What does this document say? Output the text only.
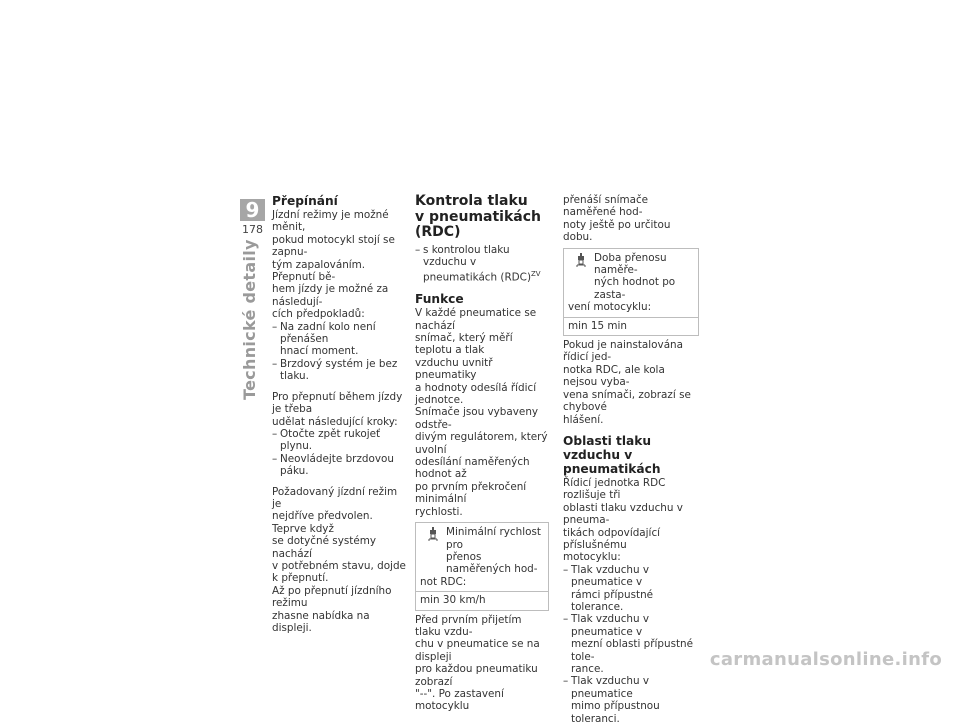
9
178
Technické detaily
Přepínání

Jízdní režimy je možné měnit,

pokud motocykl stojí se zapnu-

tým zapalováním. Přepnutí bě-

hem jízdy je možné za následují-

cích předpokladů:

– Na zadní kolo není přenášen

hnací moment.

– Brzdový systém je bez tlaku.

Pro přepnutí během jízdy je třeba

udělat následující kroky:

– Otočte zpět rukojeť plynu.

– Neovládejte brzdovou páku.

Požadovaný jízdní režim je

nejdříve předvolen. Teprve když

se dotyčné systémy nachází

v potřebném stavu, dojde

k přepnutí.

Až po přepnutí jízdního režimu

zhasne nabídka na displeji.

Kontrola tlaku
v pneumatikách (RDC)
– s kontrolou tlaku vzduchu v

pneumatikách (RDC)$^{ZV}$

Funkce

V každé pneumatice se nachází

snímač, který měří teplotu a tlak

vzduchu uvnitř pneumatiky

a hodnoty odesílá řídicí jednotce.

Snímače jsou vybaveny odstře-

divým regulátorem, který uvolní

odesílání naměřených hodnot až

po prvním překročení minimální

rychlosti.

Minimální rychlost pro

přenos naměřených hod-

not RDC:

min 30 km/h

Před prvním přijetím tlaku vzdu-

chu v pneumatice se na displeji

pro každou pneumatiku zobrazí

"--". Po zastavení motocyklu

přenáší snímače naměřené hod-

noty ještě po určitou dobu.

Doba přenosu naměře-

ných hodnot po zasta-

vení motocyklu:

min 15 min

Pokud je nainstalována řídicí jed-

notka RDC, ale kola nejsou vyba-

vena snímači, zobrazí se chybové

hlášení.

Oblasti tlaku vzduchu v
pneumatikách

Řídicí jednotka RDC rozlišuje tři

oblasti tlaku vzduchu v pneuma-

tikách odpovídající příslušnému

motocyklu:

– Tlak vzduchu v pneumatice v

rámci přípustné tolerance.

– Tlak vzduchu v pneumatice v

mezní oblasti přípustné tole-

rance.

– Tlak vzduchu v pneumatice

mimo přípustnou toleranci.

carmanualsonline.info
